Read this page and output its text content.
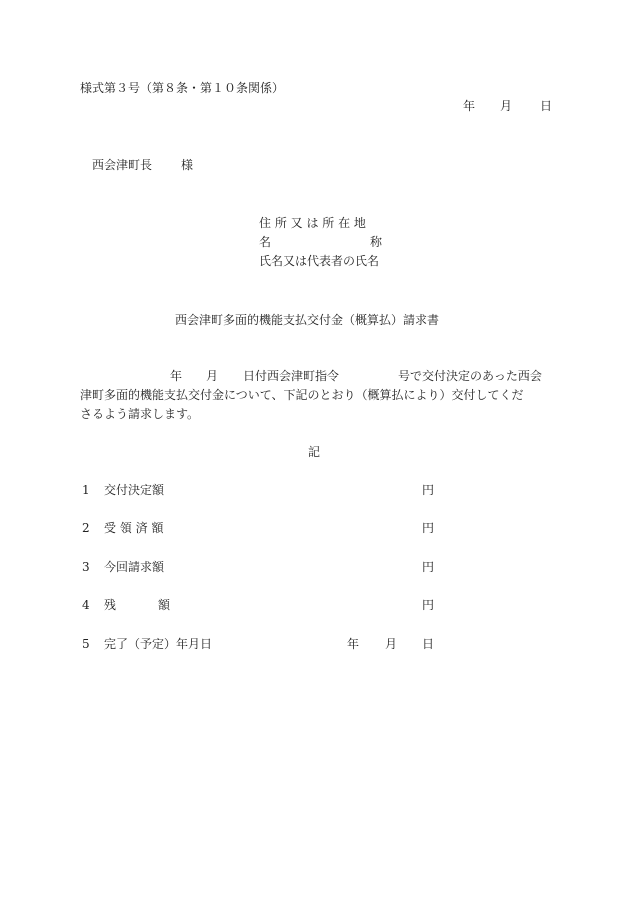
様式第３号（第８条・第１０条関係）
年 月 日
西会津町長 様
住 所 又 は 所 在 地
名	称
氏名又は代表者の氏名
西会津町多面的機能支払交付金（概算払）請求書
年 月 日付西会津町指令	号で交付決定のあった西会
津町多面的機能支払交付金について、下記のとおり（概算払により）交付してくだ
さるよう請求します。
記
1 交付決定額	円
2 受 領 済 額	円
3 今回請求額	円
4 残	額	円
5 完了（予定）年月日	年 月 日
